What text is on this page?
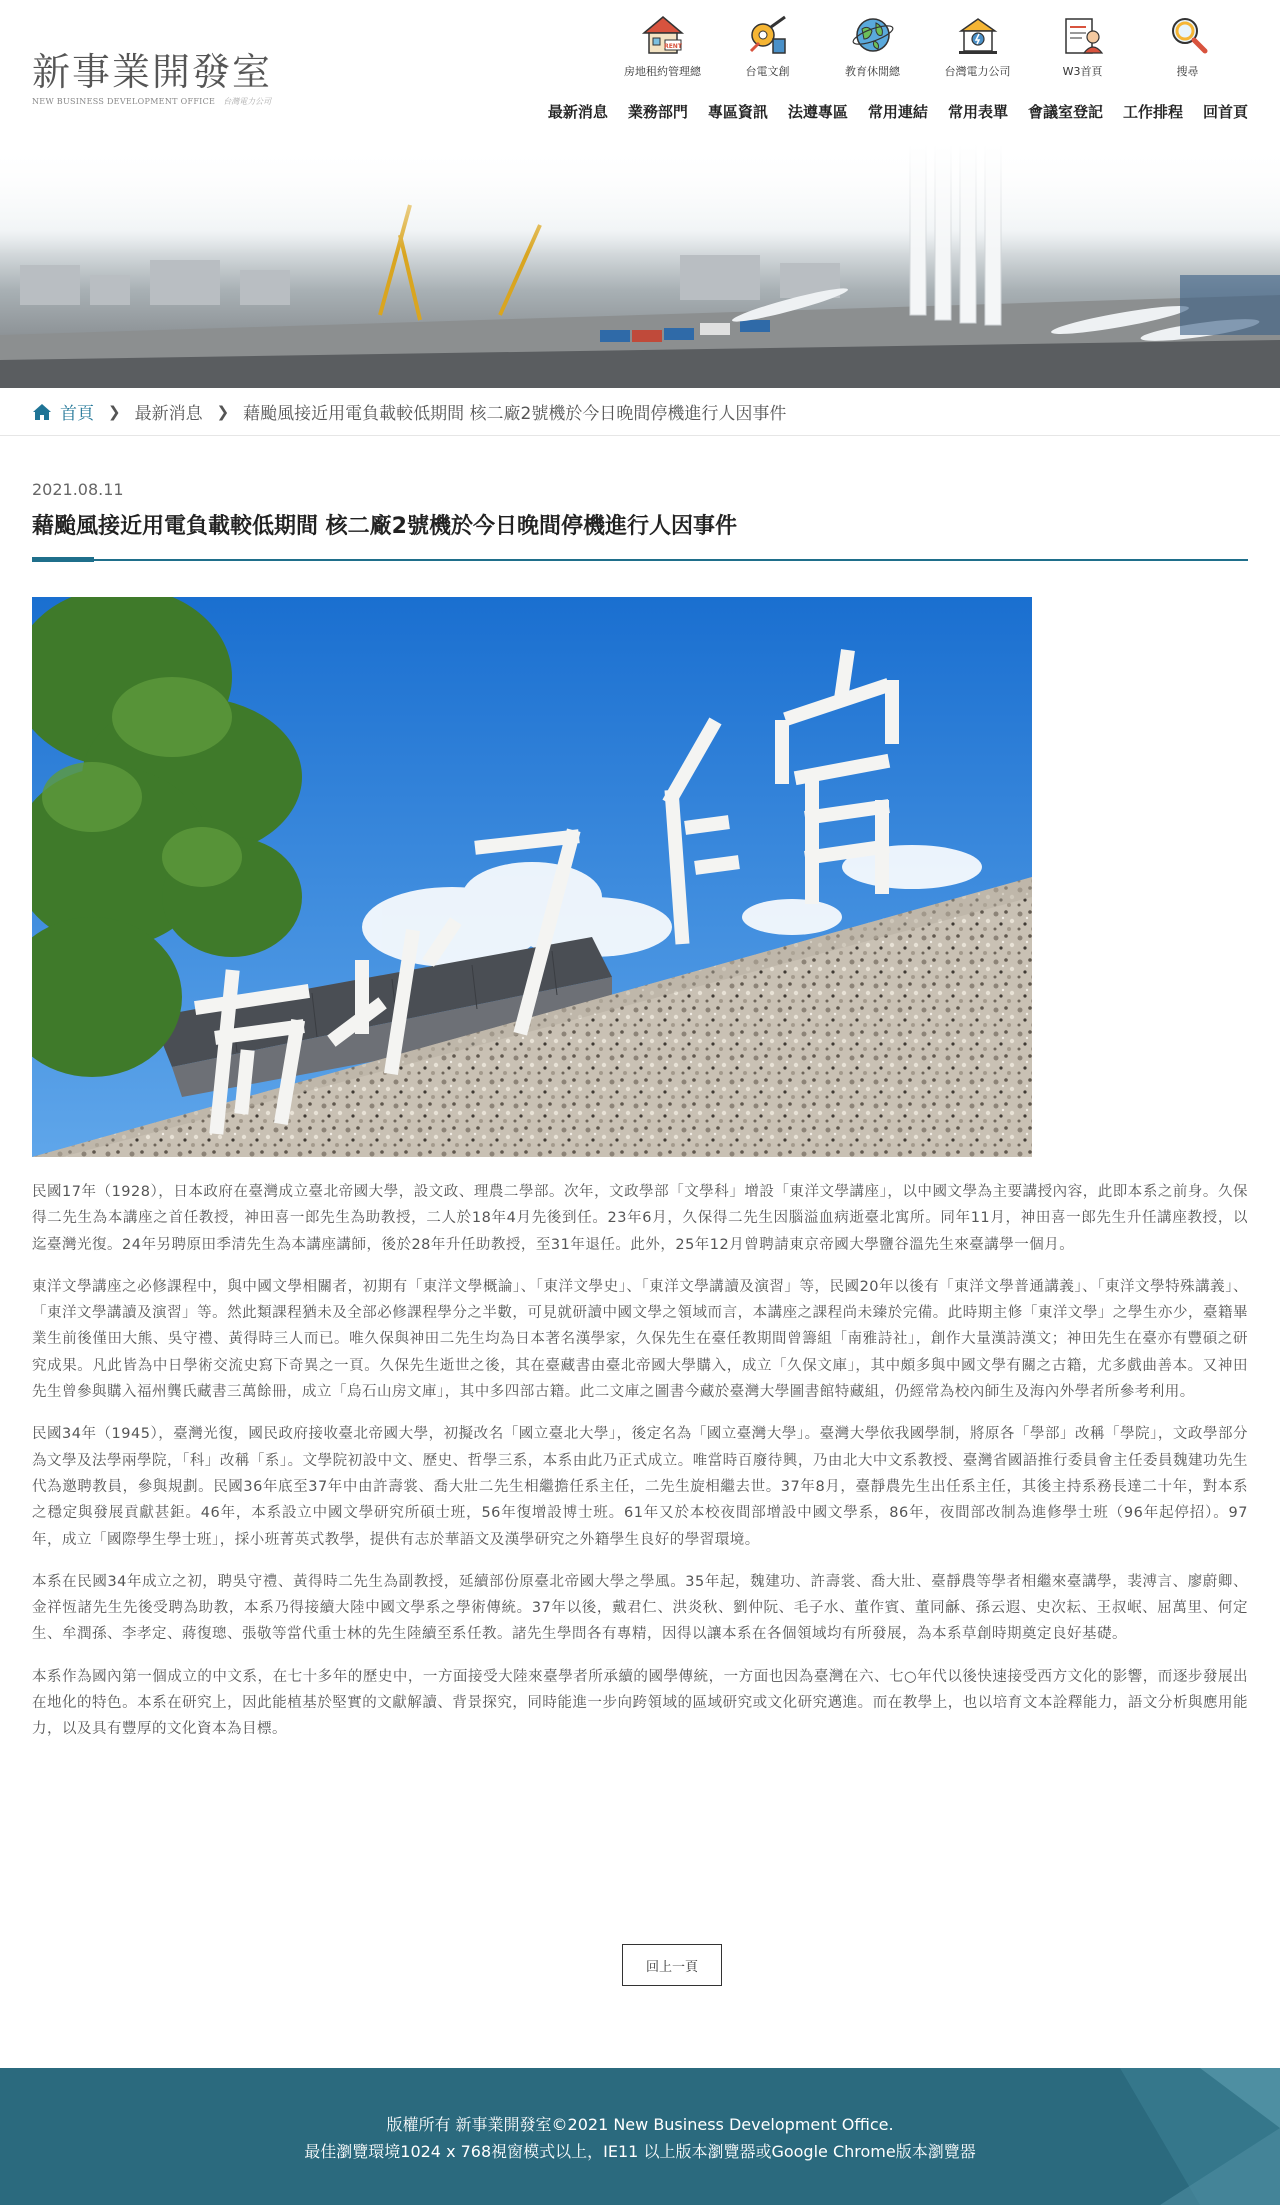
新事業開發室
NEW BUSINESS DEVELOPMENT OFFICE 台灣電力公司
RENT
房地租約管理總	台電文創	教育休閒總	台灣電力公司	W3首頁	搜尋
最新消息 業務部門 專區資訊 法遵專區 常用連結 常用表單 會議室登記 工作排程 回首頁
首頁 ❯ 最新消息 ❯ 藉颱風接近用電負載較低期間 核二廠2號機於今日晚間停機進行人因事件
2021.08.11
藉颱風接近用電負載較低期間 核二廠2號機於今日晚間停機進行人因事件

民國17年（1928），日本政府在臺灣成立臺北帝國大學，設文政、理農二學部。次年，文政學部「文學科」增設「東洋文學講座」，以中國文學為主要講授內容，此即本系之前身。久保得二先生為本講座之首任教授，神田喜一郎先生為助教授，二人於18年4月先後到任。23年6月，久保得二先生因腦溢血病逝臺北寓所。同年11月，神田喜一郎先生升任講座教授，以迄臺灣光復。24年另聘原田季清先生為本講座講師，後於28年升任助教授，至31年退任。此外，25年12月曾聘請東京帝國大學鹽谷溫先生來臺講學一個月。

東洋文學講座之必修課程中，與中國文學相關者，初期有「東洋文學概論」、「東洋文學史」、「東洋文學講讀及演習」等，民國20年以後有「東洋文學普通講義」、「東洋文學特殊講義」、「東洋文學講讀及演習」等。然此類課程猶未及全部必修課程學分之半數，可見就研讀中國文學之領域而言，本講座之課程尚未臻於完備。此時期主修「東洋文學」之學生亦少，臺籍畢業生前後僅田大熊、吳守禮、黃得時三人而已。唯久保與神田二先生均為日本著名漢學家，久保先生在臺任教期間曾籌組「南雅詩社」，創作大量漢詩漢文；神田先生在臺亦有豐碩之研究成果。凡此皆為中日學術交流史寫下奇異之一頁。久保先生逝世之後，其在臺藏書由臺北帝國大學購入，成立「久保文庫」，其中頗多與中國文學有關之古籍，尤多戲曲善本。又神田先生曾參與購入福州龔氏藏書三萬餘冊，成立「烏石山房文庫」，其中多四部古籍。此二文庫之圖書今藏於臺灣大學圖書館特藏組，仍經常為校內師生及海內外學者所參考利用。

民國34年（1945），臺灣光復，國民政府接收臺北帝國大學，初擬改名「國立臺北大學」，後定名為「國立臺灣大學」。臺灣大學依我國學制，將原各「學部」改稱「學院」，文政學部分為文學及法學兩學院，「科」改稱「系」。文學院初設中文、歷史、哲學三系，本系由此乃正式成立。唯當時百廢待興，乃由北大中文系教授、臺灣省國語推行委員會主任委員魏建功先生代為邀聘教員，參與規劃。民國36年底至37年中由許壽裳、喬大壯二先生相繼擔任系主任，二先生旋相繼去世。37年8月，臺靜農先生出任系主任，其後主持系務長達二十年，對本系之穩定與發展貢獻甚鉅。46年，本系設立中國文學研究所碩士班，56年復增設博士班。61年又於本校夜間部增設中國文學系，86年，夜間部改制為進修學士班（96年起停招）。97年，成立「國際學生學士班」，採小班菁英式教學，提供有志於華語文及漢學研究之外籍學生良好的學習環境。

本系在民國34年成立之初，聘吳守禮、黃得時二先生為副教授，延續部份原臺北帝國大學之學風。35年起，魏建功、許壽裳、喬大壯、臺靜農等學者相繼來臺講學，裴溥言、廖蔚卿、金祥恆諸先生先後受聘為助教，本系乃得接續大陸中國文學系之學術傳統。37年以後，戴君仁、洪炎秋、劉仲阮、毛子水、董作賓、董同龢、孫云遐、史次耘、王叔岷、屈萬里、何定生、牟潤孫、李孝定、蔣復璁、張敬等當代重士林的先生陸續至系任教。諸先生學問各有專精，因得以讓本系在各個領域均有所發展，為本系草創時期奠定良好基礎。

本系作為國內第一個成立的中文系，在七十多年的歷史中，一方面接受大陸來臺學者所承續的國學傳統，一方面也因為臺灣在六、七○年代以後快速接受西方文化的影響，而逐步發展出在地化的特色。本系在研究上，因此能植基於堅實的文獻解讀、背景探究，同時能進一步向跨領域的區域研究或文化研究邁進。而在教學上，也以培育文本詮釋能力，語文分析與應用能力，以及具有豐厚的文化資本為目標。

回上一頁
版權所有 新事業開發室©2021 New Business Development Office.
最佳瀏覽環境1024 x 768視窗模式以上，IE11 以上版本瀏覽器或Google Chrome版本瀏覽器
